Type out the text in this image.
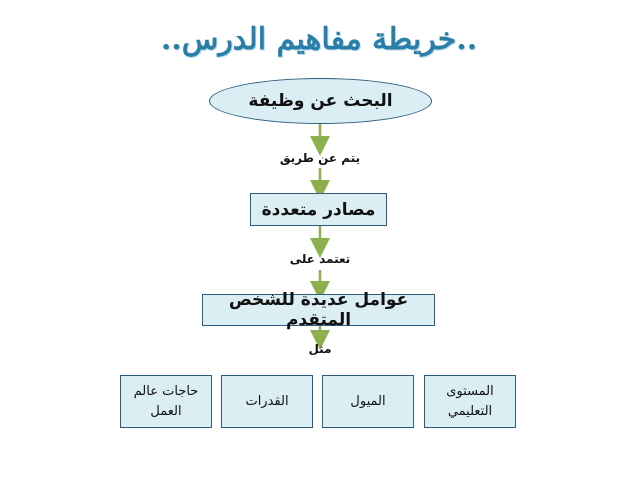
..خريطة مفاهيم الدرس..
البحث عن وظيفة
يتم عن طريق
مصادر متعددة
تعتمد على
عوامل عديدة للشخص المتقدم
مثل
المستوى التعليمي
الميول
القدرات
حاجات عالم العمل
